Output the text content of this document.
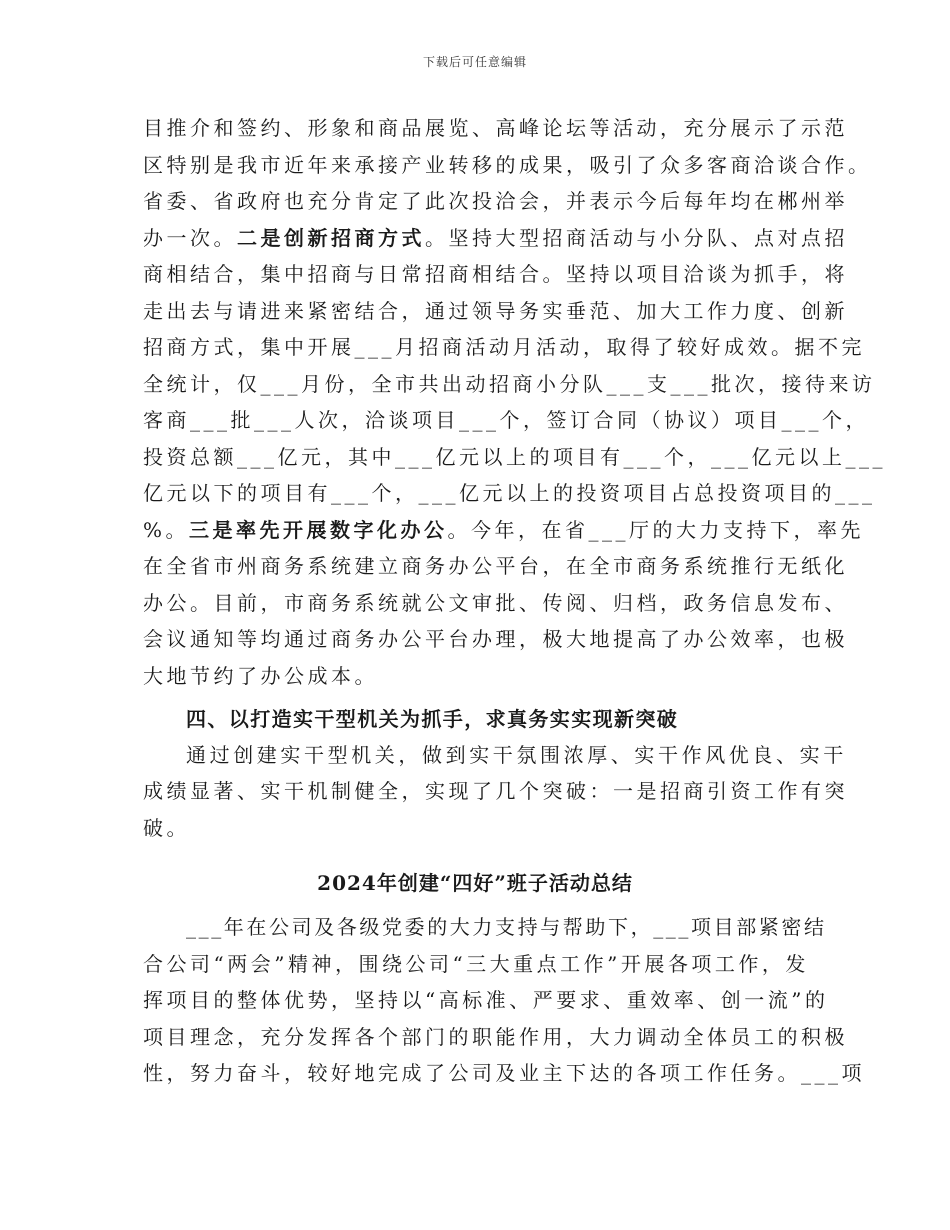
下载后可任意编辑
目推介和签约、形象和商品展览、高峰论坛等活动，充分展示了示范
区特别是我市近年来承接产业转移的成果，吸引了众多客商洽谈合作。
省委、省政府也充分肯定了此次投洽会，并表示今后每年均在郴州举
办一次。二是创新招商方式。坚持大型招商活动与小分队、点对点招
商相结合，集中招商与日常招商相结合。坚持以项目洽谈为抓手，将
走出去与请进来紧密结合，通过领导务实垂范、加大工作力度、创新
招商方式，集中开展___月招商活动月活动，取得了较好成效。据不完
全统计，仅___月份，全市共出动招商小分队___支___批次，接待来访
客商___批___人次，洽谈项目___个，签订合同（协议）项目___个，
投资总额___亿元，其中___亿元以上的项目有___个，___亿元以上___
亿元以下的项目有___个，___亿元以上的投资项目占总投资项目的___
%。三是率先开展数字化办公。今年，在省___厅的大力支持下，率先
在全省市州商务系统建立商务办公平台，在全市商务系统推行无纸化
办公。目前，市商务系统就公文审批、传阅、归档，政务信息发布、
会议通知等均通过商务办公平台办理，极大地提高了办公效率，也极
大地节约了办公成本。
四、以打造实干型机关为抓手，求真务实实现新突破
通过创建实干型机关，做到实干氛围浓厚、实干作风优良、实干
成绩显著、实干机制健全，实现了几个突破：一是招商引资工作有突
破。
2024年创建“四好”班子活动总结
___年在公司及各级党委的大力支持与帮助下，___项目部紧密结
合公司“两会”精神，围绕公司“三大重点工作”开展各项工作，发
挥项目的整体优势，坚持以“高标准、严要求、重效率、创一流”的
项目理念，充分发挥各个部门的职能作用，大力调动全体员工的积极
性，努力奋斗，较好地完成了公司及业主下达的各项工作任务。___项
